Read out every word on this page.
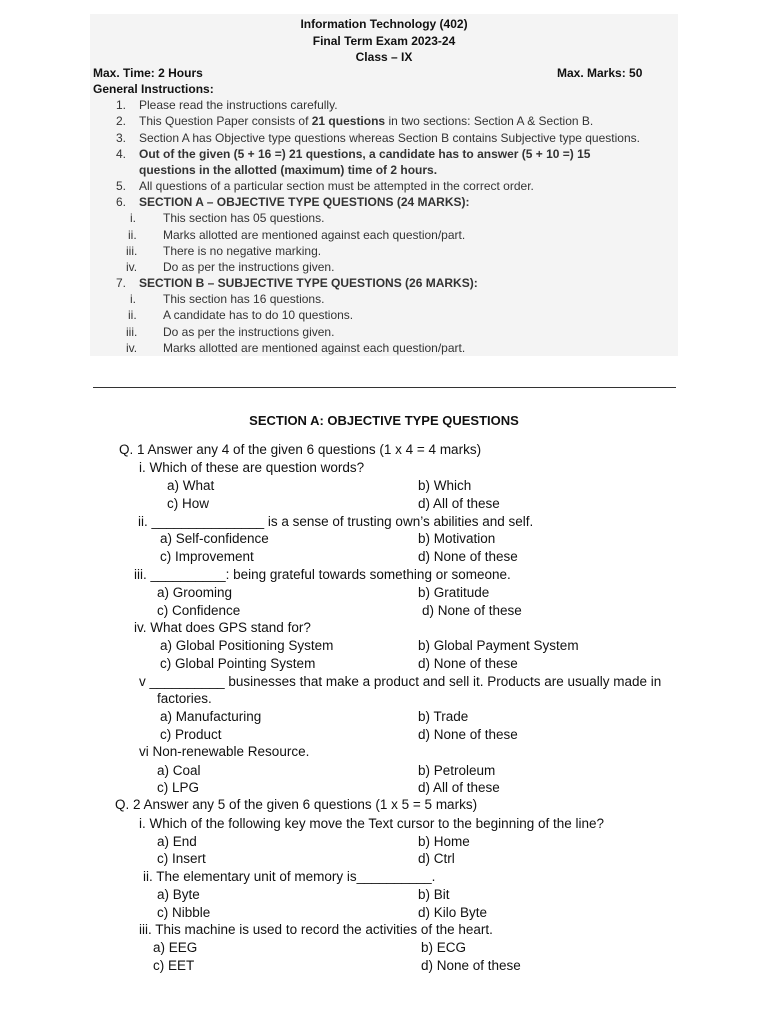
Information Technology (402)
Final Term Exam 2023-24
Class – IX
Max. Time: 2 Hours	Max. Marks: 50
General Instructions:
1. Please read the instructions carefully.
2. This Question Paper consists of 21 questions in two sections: Section A & Section B.
3. Section A has Objective type questions whereas Section B contains Subjective type questions.
4. Out of the given (5 + 16 =) 21 questions, a candidate has to answer (5 + 10 =) 15
questions in the allotted (maximum) time of 2 hours.
5. All questions of a particular section must be attempted in the correct order.
6. SECTION A – OBJECTIVE TYPE QUESTIONS (24 MARKS):
i. This section has 05 questions.
ii. Marks allotted are mentioned against each question/part.
iii. There is no negative marking.
iv. Do as per the instructions given.
7. SECTION B – SUBJECTIVE TYPE QUESTIONS (26 MARKS):
i. This section has 16 questions.
ii. A candidate has to do 10 questions.
iii. Do as per the instructions given.
iv. Marks allotted are mentioned against each question/part.
SECTION A: OBJECTIVE TYPE QUESTIONS
Q. 1 Answer any 4 of the given 6 questions (1 x 4 = 4 marks)
i. Which of these are question words?
a) What	b) Which
c) How	d) All of these
ii. _______________ is a sense of trusting own’s abilities and self.
a) Self-confidence	b) Motivation
c) Improvement	d) None of these
iii. __________: being grateful towards something or someone.
a) Grooming	b) Gratitude
c) Confidence	d) None of these
iv. What does GPS stand for?
a) Global Positioning System	b) Global Payment System
c) Global Pointing System	d) None of these
v __________ businesses that make a product and sell it. Products are usually made in
factories.
a) Manufacturing	b) Trade
c) Product	d) None of these
vi Non-renewable Resource.
a) Coal	b) Petroleum
c) LPG	d) All of these
Q. 2 Answer any 5 of the given 6 questions (1 x 5 = 5 marks)
i. Which of the following key move the Text cursor to the beginning of the line?
a) End	b) Home
c) Insert	d) Ctrl
ii. The elementary unit of memory is__________.
a) Byte	b) Bit
c) Nibble	d) Kilo Byte
iii. This machine is used to record the activities of the heart.
a) EEG	b) ECG
c) EET	d) None of these
